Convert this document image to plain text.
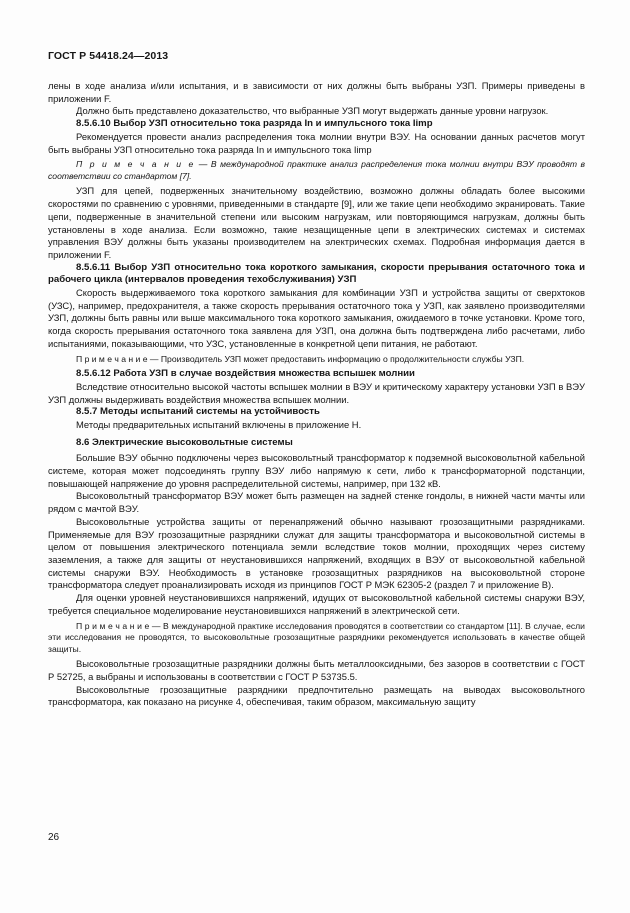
ГОСТ Р 54418.24—2013

лены в ходе анализа и/или испытания, и в зависимости от них должны быть выбраны УЗП. Примеры приведены в приложении F.

Должно быть представлено доказательство, что выбранные УЗП могут выдержать данные уровни нагрузок.

8.5.6.10 Выбор УЗП относительно тока разряда In и импульсного тока Iimp

Рекомендуется провести анализ распределения тока молнии внутри ВЭУ. На основании данных расчетов могут быть выбраны УЗП относительно тока разряда In и импульсного тока Iimp

П р и м е ч а н и е — В международной практике анализ распределения тока молнии внутри ВЭУ проводят в соответствии со стандартом [7].

УЗП для цепей, подверженных значительному воздействию, возможно должны обладать более высокими скоростями по сравнению с уровнями, приведенными в стандарте [9], или же такие цепи необходимо экранировать. Такие цепи, подверженные в значительной степени или высоким нагрузкам, или повторяющимся нагрузкам, должны быть установлены в ходе анализа. Если возможно, такие незащищенные цепи в электрических системах и системах управления ВЭУ должны быть указаны производителем на электрических схемах. Подробная информация дается в приложении F.

8.5.6.11 Выбор УЗП относительно тока короткого замыкания, скорости прерывания остаточного тока и рабочего цикла (интервалов проведения техобслуживания) УЗП

Скорость выдерживаемого тока короткого замыкания для комбинации УЗП и устройства защиты от сверхтоков (УЗС), например, предохранителя, а также скорость прерывания остаточного тока у УЗП, как заявлено производителями УЗП, должны быть равны или выше максимального тока короткого замыкания, ожидаемого в точке установки. Кроме того, когда скорость прерывания остаточного тока заявлена для УЗП, она должна быть подтверждена либо расчетами, либо испытаниями, показывающими, что УЗС, установленные в конкретной цепи питания, не работают.

П р и м е ч а н и е — Производитель УЗП может предоставить информацию о продолжительности службы УЗП.

8.5.6.12 Работа УЗП в случае воздействия множества вспышек молнии

Вследствие относительно высокой частоты вспышек молнии в ВЭУ и критическому характеру установки УЗП в ВЭУ УЗП должны выдерживать воздействия множества вспышек молнии.

8.5.7 Методы испытаний системы на устойчивость

Методы предварительных испытаний включены в приложение Н.

8.6 Электрические высоковольтные системы

Большие ВЭУ обычно подключены через высоковольтный трансформатор к подземной высоковольтной кабельной системе, которая может подсоединять группу ВЭУ либо напрямую к сети, либо к трансформаторной подстанции, повышающей напряжение до уровня распределительной системы, например, при 132 кВ.

Высоковольтный трансформатор ВЭУ может быть размещен на задней стенке гондолы, в нижней части мачты или рядом с мачтой ВЭУ.

Высоковольтные устройства защиты от перенапряжений обычно называют грозозащитными разрядниками. Применяемые для ВЭУ грозозащитные разрядники служат для защиты трансформатора и высоковольтной системы в целом от повышения электрического потенциала земли вследствие токов молнии, проходящих через систему заземления, а также для защиты от неустановившихся напряжений, входящих в ВЭУ от высоковольтной кабельной системы снаружи ВЭУ. Необходимость в установке грозозащитных разрядников на высоковольтной стороне трансформатора следует проанализировать исходя из принципов ГОСТ Р МЭК 62305-2 (раздел 7 и приложение В).

Для оценки уровней неустановившихся напряжений, идущих от высоковольтной кабельной системы снаружи ВЭУ, требуется специальное моделирование неустановившихся напряжений в электрической сети.

П р и м е ч а н и е — В международной практике исследования проводятся в соответствии со стандартом [11]. В случае, если эти исследования не проводятся, то высоковольтные грозозащитные разрядники рекомендуется использовать в качестве общей защиты.

Высоковольтные грозозащитные разрядники должны быть металлооксидными, без зазоров в соответствии с ГОСТ Р 52725, а выбраны и использованы в соответствии с ГОСТ Р 53735.5.

Высоковольтные грозозащитные разрядники предпочтительно размещать на выводах высоковольтного трансформатора, как показано на рисунке 4, обеспечивая, таким образом, максимальную защиту

26
